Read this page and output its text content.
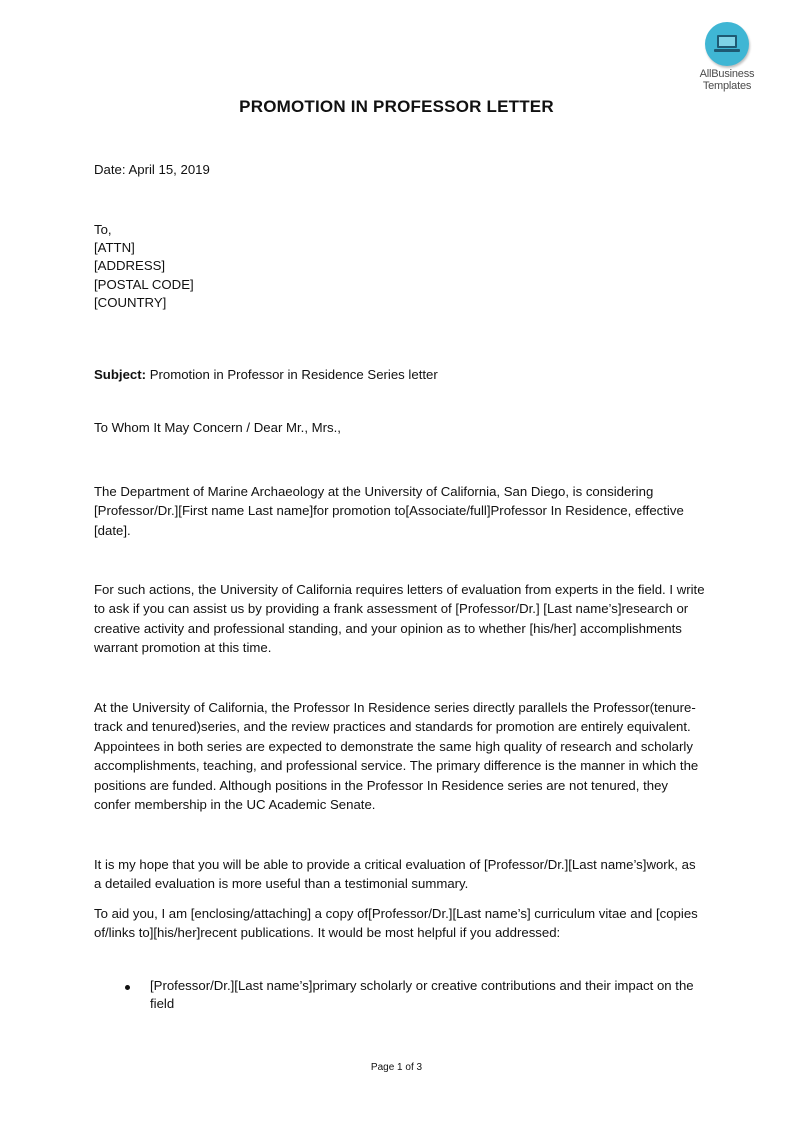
AllBusiness
Templates
PROMOTION IN PROFESSOR LETTER
Date: April 15, 2019
To,
[ATTN]
[ADDRESS]
[POSTAL CODE]
[COUNTRY]
Subject: Promotion in Professor in Residence Series letter
To Whom It May Concern / Dear Mr., Mrs.,

The Department of Marine Archaeology at the University of California, San Diego, is considering [Professor/Dr.][First name Last name]for promotion to[Associate/full]Professor In Residence, effective [date].

For such actions, the University of California requires letters of evaluation from experts in the field. I write to ask if you can assist us by providing a frank assessment of [Professor/Dr.] [Last name’s]research or creative activity and professional standing, and your opinion as to whether [his/her] accomplishments warrant promotion at this time.

At the University of California, the Professor In Residence series directly parallels the Professor(tenure-track and tenured)series, and the review practices and standards for promotion are entirely equivalent. Appointees in both series are expected to demonstrate the same high quality of research and scholarly accomplishments, teaching, and professional service. The primary difference is the manner in which the positions are funded. Although positions in the Professor In Residence series are not tenured, they confer membership in the UC Academic Senate.

It is my hope that you will be able to provide a critical evaluation of [Professor/Dr.][Last name’s]work, as a detailed evaluation is more useful than a testimonial summary.

To aid you, I am [enclosing/attaching] a copy of[Professor/Dr.][Last name’s] curriculum vitae and [copies of/links to][his/her]recent publications. It would be most helpful if you addressed:

[Professor/Dr.][Last name’s]primary scholarly or creative contributions and their impact on the field
Page 1 of 3
